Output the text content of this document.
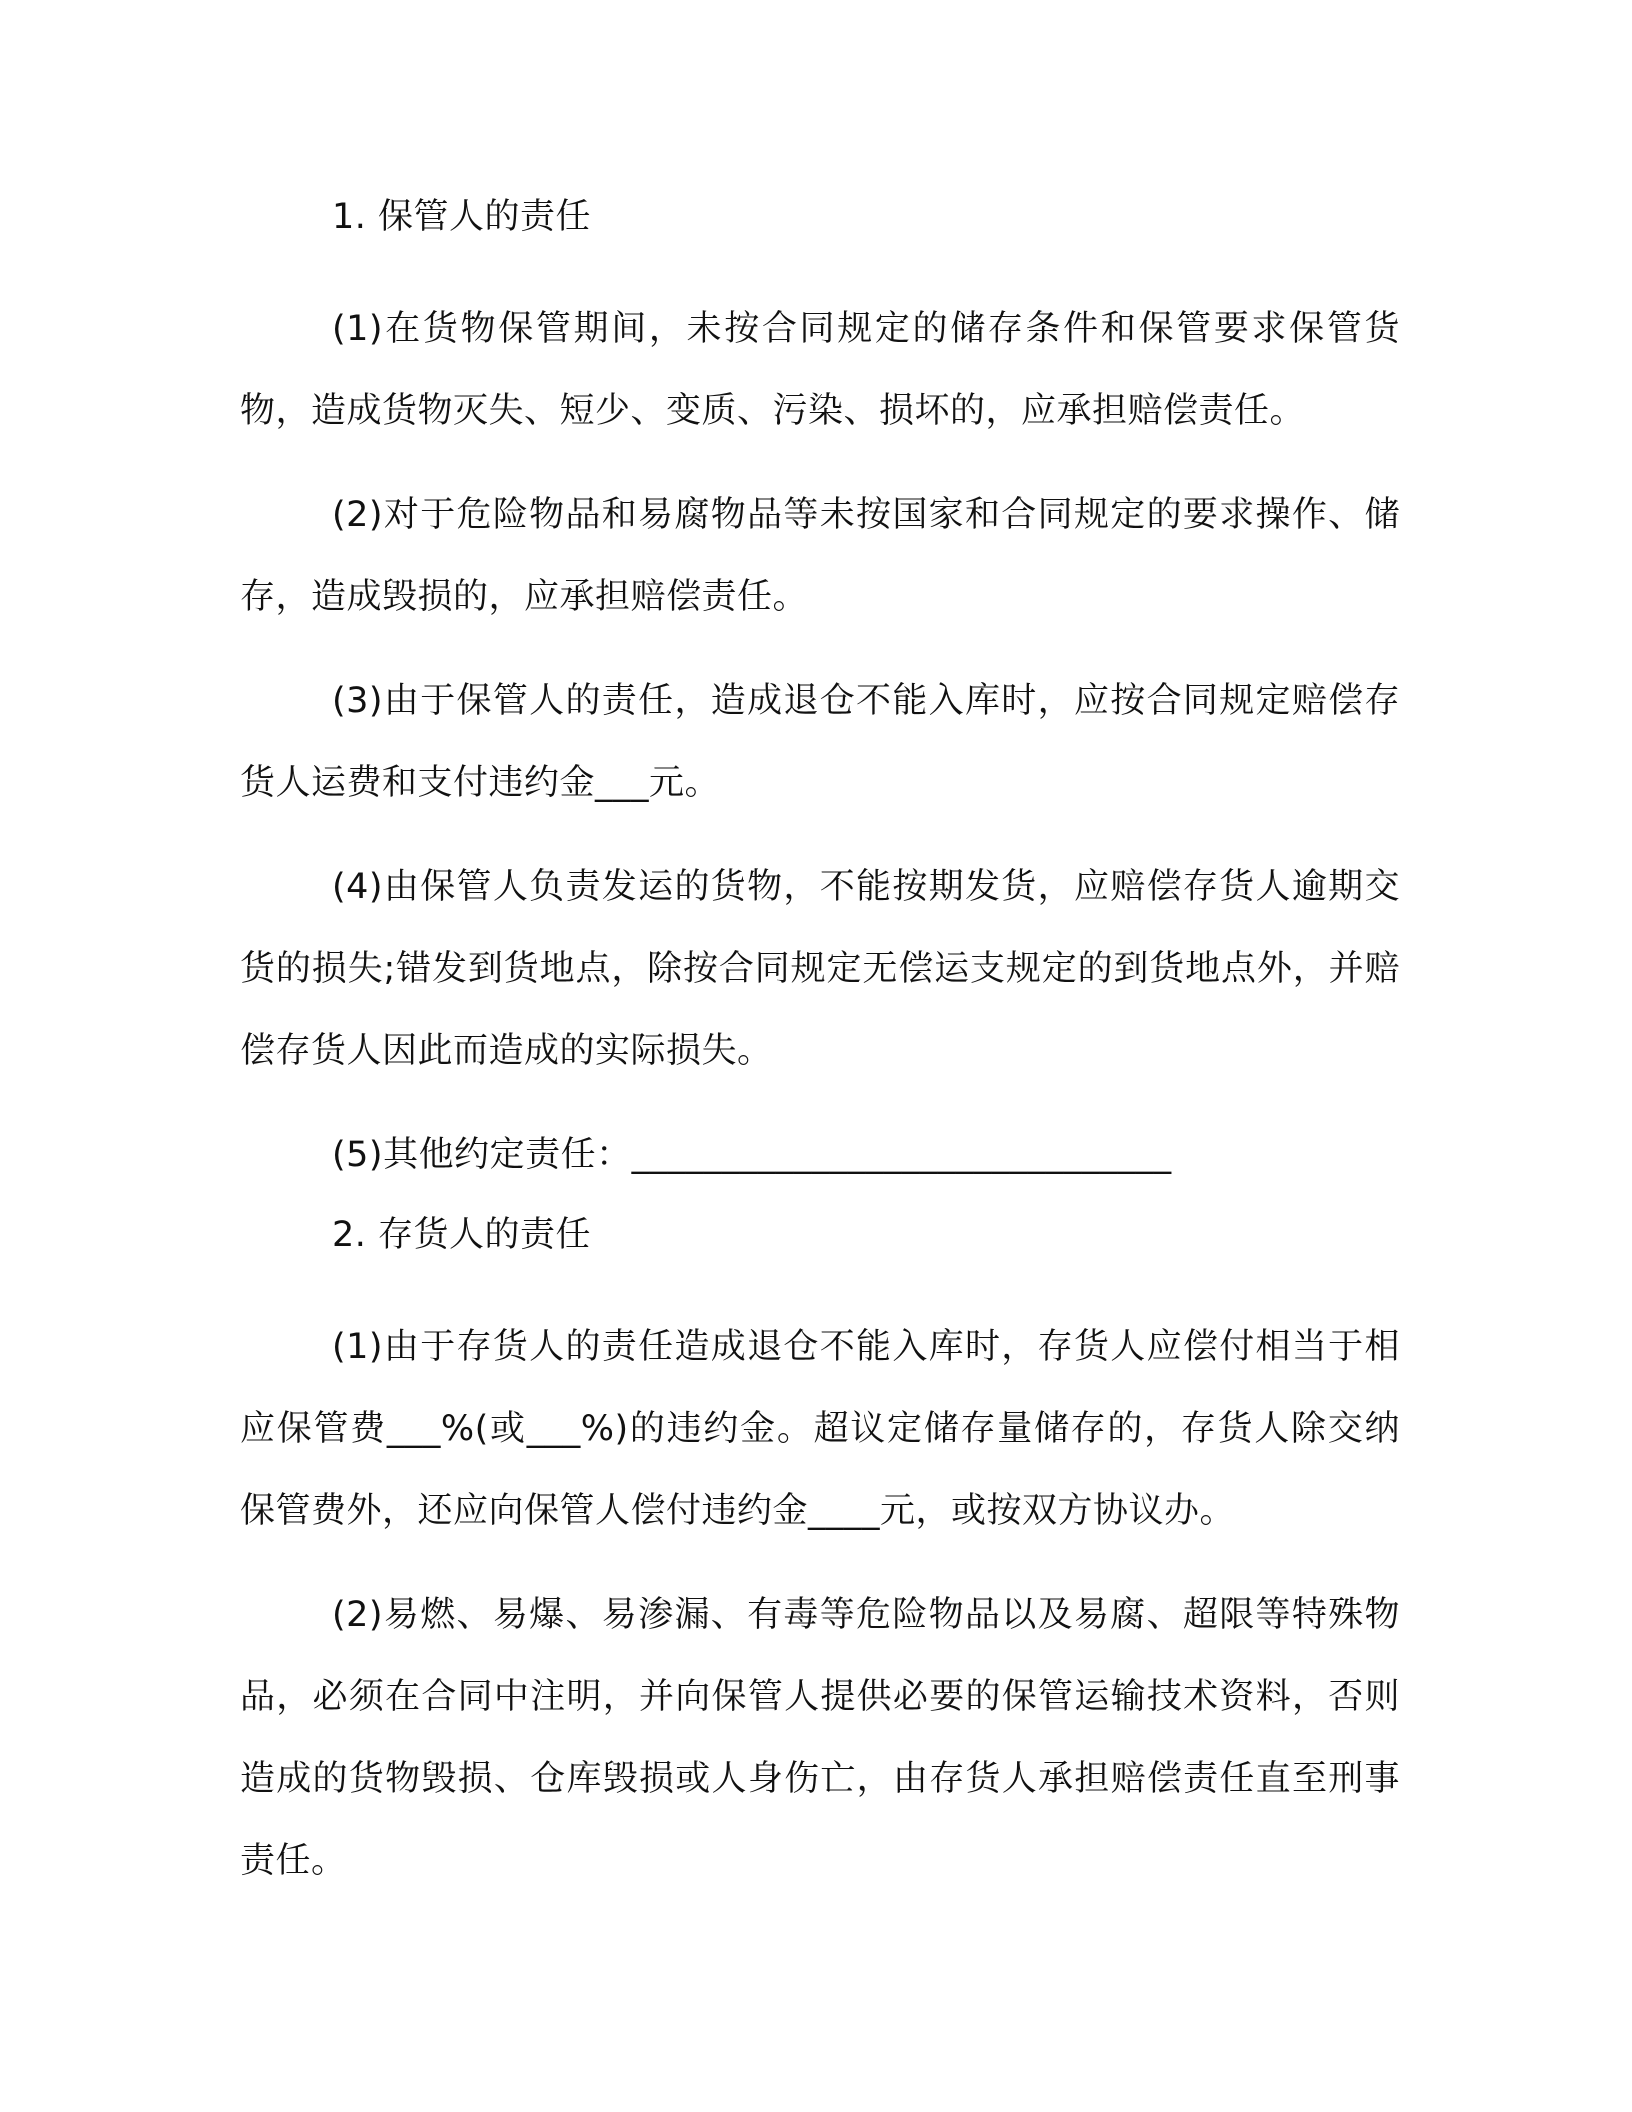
1. 保管人的责任

(1)在货物保管期间，未按合同规定的储存条件和保管要求保管货物，造成货物灭失、短少、变质、污染、损坏的，应承担赔偿责任。

(2)对于危险物品和易腐物品等未按国家和合同规定的要求操作、储存，造成毁损的，应承担赔偿责任。

(3)由于保管人的责任，造成退仓不能入库时，应按合同规定赔偿存货人运费和支付违约金___元。

(4)由保管人负责发运的货物，不能按期发货，应赔偿存货人逾期交货的损失;错发到货地点，除按合同规定无偿运支规定的到货地点外，并赔偿存货人因此而造成的实际损失。

(5)其他约定责任：______________________________

2. 存货人的责任

(1)由于存货人的责任造成退仓不能入库时，存货人应偿付相当于相应保管费___%(或___%)的违约金。超议定储存量储存的，存货人除交纳保管费外，还应向保管人偿付违约金____元，或按双方协议办。

(2)易燃、易爆、易渗漏、有毒等危险物品以及易腐、超限等特殊物品，必须在合同中注明，并向保管人提供必要的保管运输技术资料，否则造成的货物毁损、仓库毁损或人身伤亡，由存货人承担赔偿责任直至刑事责任。
